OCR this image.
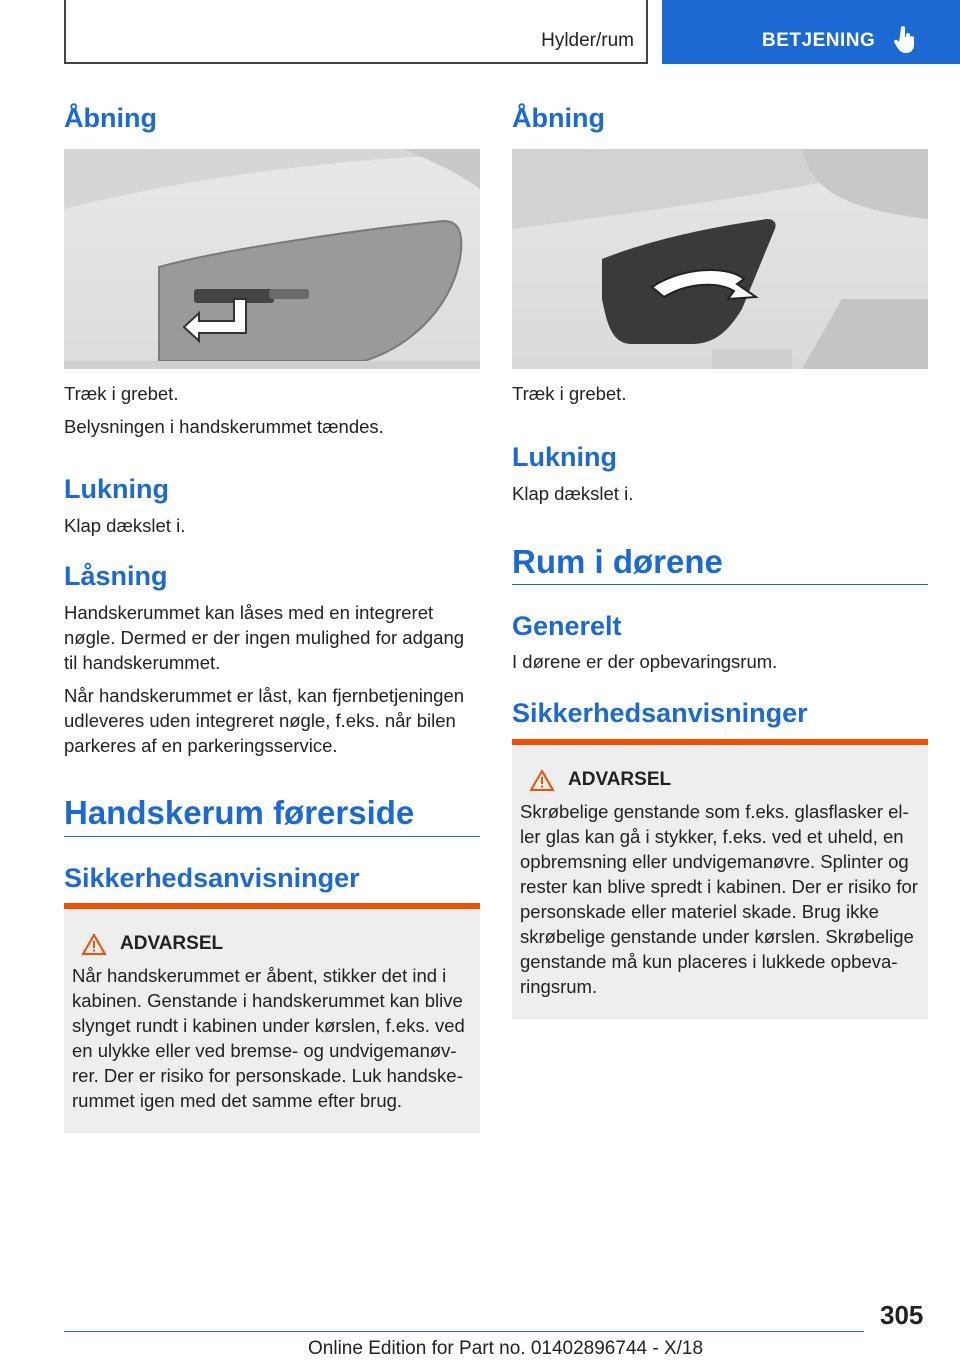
Hylder/rum	BETJENING
Åbning

Træk i grebet.

Belysningen i handskerummet tændes.

Lukning

Klap dækslet i.

Låsning

Handskerummet kan låses med en integreret nøgle. Dermed er der ingen mulighed for adgang til handskerummet.

Når handskerummet er låst, kan fjernbetjeningen udleveres uden integreret nøgle, f.eks. når bilen parkeres af en parkeringsservice.

Handskerum førerside
Sikkerhedsanvisninger
ADVARSEL
Når handskerummet er åbent, stikker det ind i kabinen. Genstande i handskerummet kan blive slynget rundt i kabinen under kørslen, f.eks. ved en ulykke eller ved bremse- og undvigemanøvrer. Der er risiko for personskade. Luk handskerummet igen med det samme efter brug.
Åbning

Træk i grebet.

Lukning

Klap dækslet i.

Rum i dørene
Generelt

I dørene er der opbevaringsrum.

Sikkerhedsanvisninger
ADVARSEL
Skrøbelige genstande som f.eks. glasflasker eller glas kan gå i stykker, f.eks. ved et uheld, en opbremsning eller undvigemanøvre. Splinter og rester kan blive spredt i kabinen. Der er risiko for personskade eller materiel skade. Brug ikke skrøbelige genstande under kørslen. Skrøbelige genstande må kun placeres i lukkede opbevaringsrum.
305
Online Edition for Part no. 01402896744 - X/18
